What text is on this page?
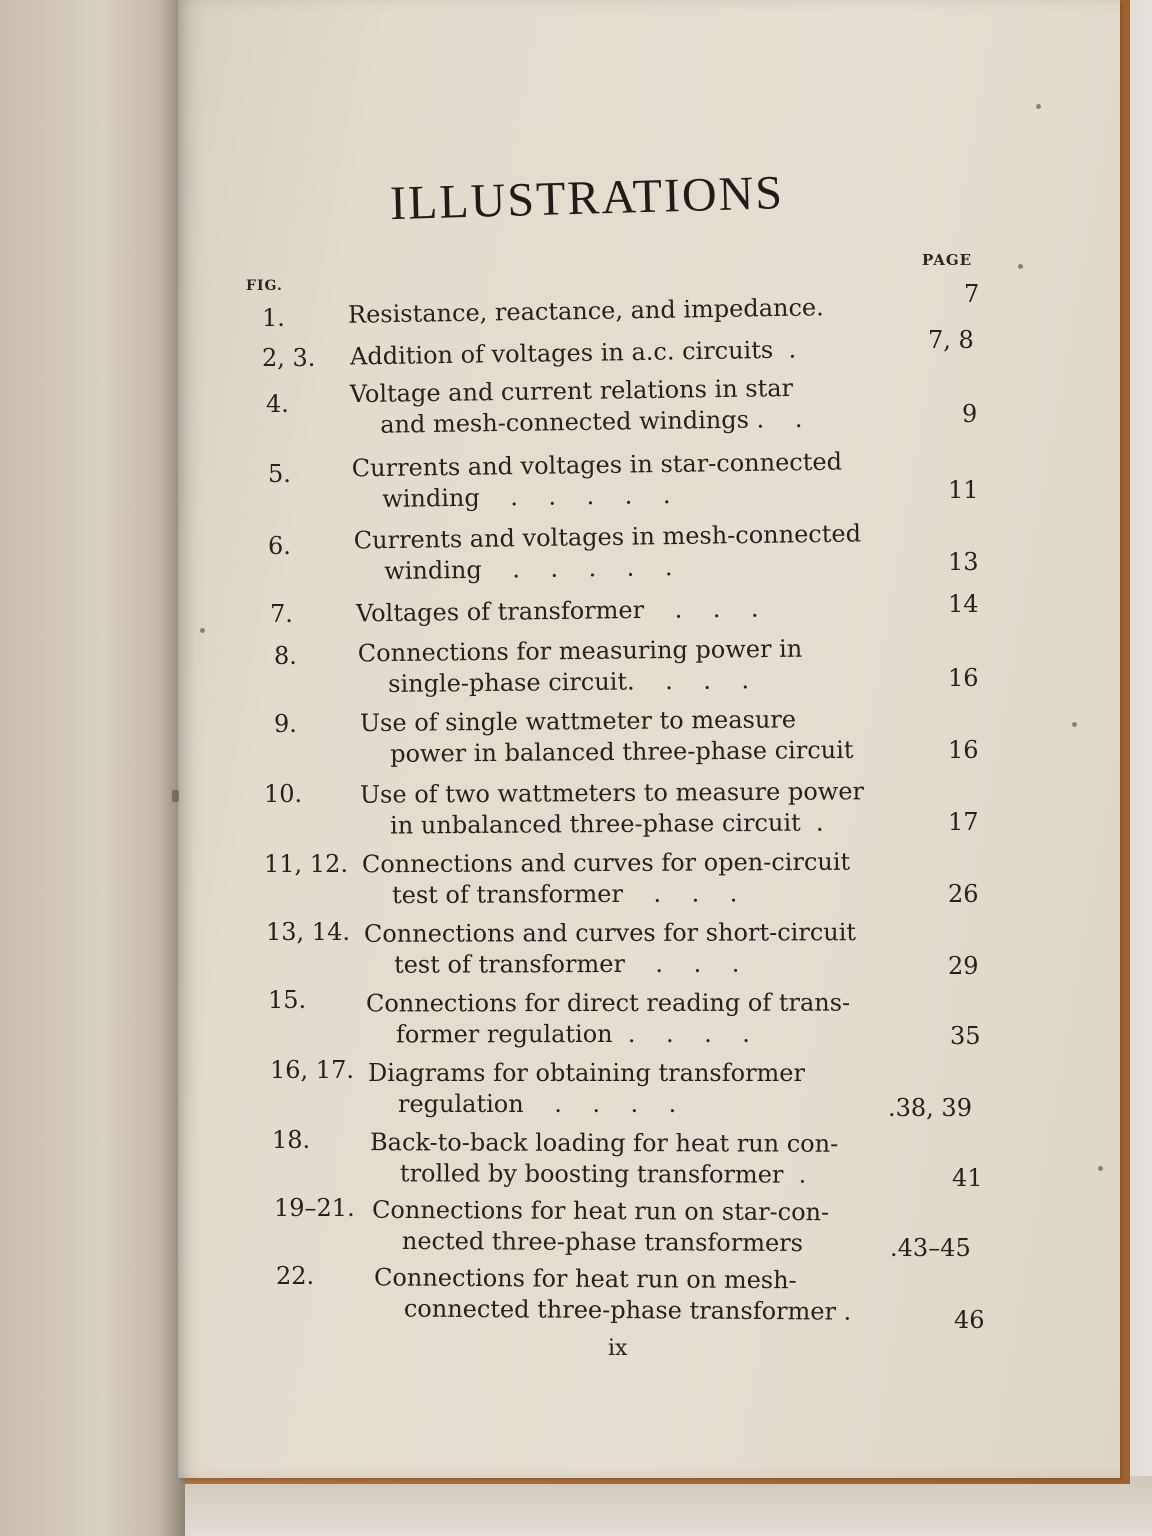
ILLUSTRATIONS
PAGE
FIG.
1.	Resistance, reactance, and impedance.	7
2, 3. Addition of voltages in a.c. circuits  .	7, 8
4.	Voltage and current relations in star
and mesh-connected windings .    .	9
5.	Currents and voltages in star-connected
winding    .    .    .    .    .	11
6.	Currents and voltages in mesh-connected
winding    .    .    .    .    .	13
7.	Voltages of transformer    .    .    .	14
8.	Connections for measuring power in
single-phase circuit.    .    .    .	16
9.	Use of single wattmeter to measure
power in balanced three-phase circuit	16
10. Use of two wattmeters to measure power
in unbalanced three-phase circuit  .	17
11, 12. Connections and curves for open-circuit
test of transformer    .    .    .	26
13, 14. Connections and curves for short-circuit
test of transformer    .    .    .	29
15. Connections for direct reading of trans-
former regulation  .    .    .    .	35
16, 17. Diagrams for obtaining transformer
regulation    .    .    .    .	.38, 39
18. Back-to-back loading for heat run con-
trolled by boosting transformer  .	41
19–21. Connections for heat run on star-con-
nected three-phase transformers	.43–45
22. Connections for heat run on mesh-
connected three-phase transformer .	46
ix
